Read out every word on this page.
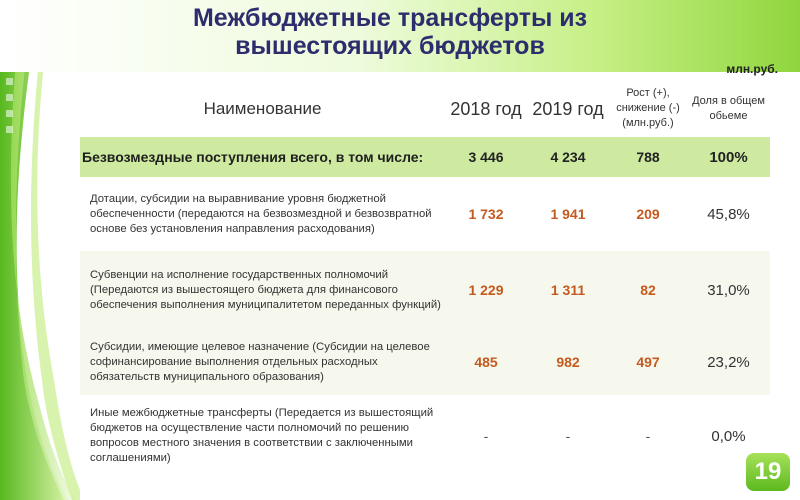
Межбюджетные трансферты из вышестоящих бюджетов
млн.руб.
Наименование	2018 год	2019 год	Рост (+), снижение (-) (млн.руб.)	Доля в общем обьеме
Безвозмездные поступления всего, в том числе:	3 446	4 234	788	100%
Дотации, субсидии на выравнивание уровня бюджетной обеспеченности (передаются на безвозмездной и безвозвратной основе без установления направления расходования)	1 732	1 941	209	45,8%
Субвенции на исполнение государственных полномочий (Передаются из вышестоящего бюджета для финансового обеспечения выполнения муниципалитетом переданных функций)	1 229	1 311	82	31,0%
Субсидии, имеющие целевое назначение (Субсидии на целевое софинансирование выполнения отдельных расходных обязательств муниципального образования)	485	982	497	23,2%
Иные межбюджетные трансферты (Передается из вышестоящий бюджетов на осуществление части полномочий по решению вопросов местного значения в соответствии с заключенными соглашениями)	-	-	-	0,0%
19
